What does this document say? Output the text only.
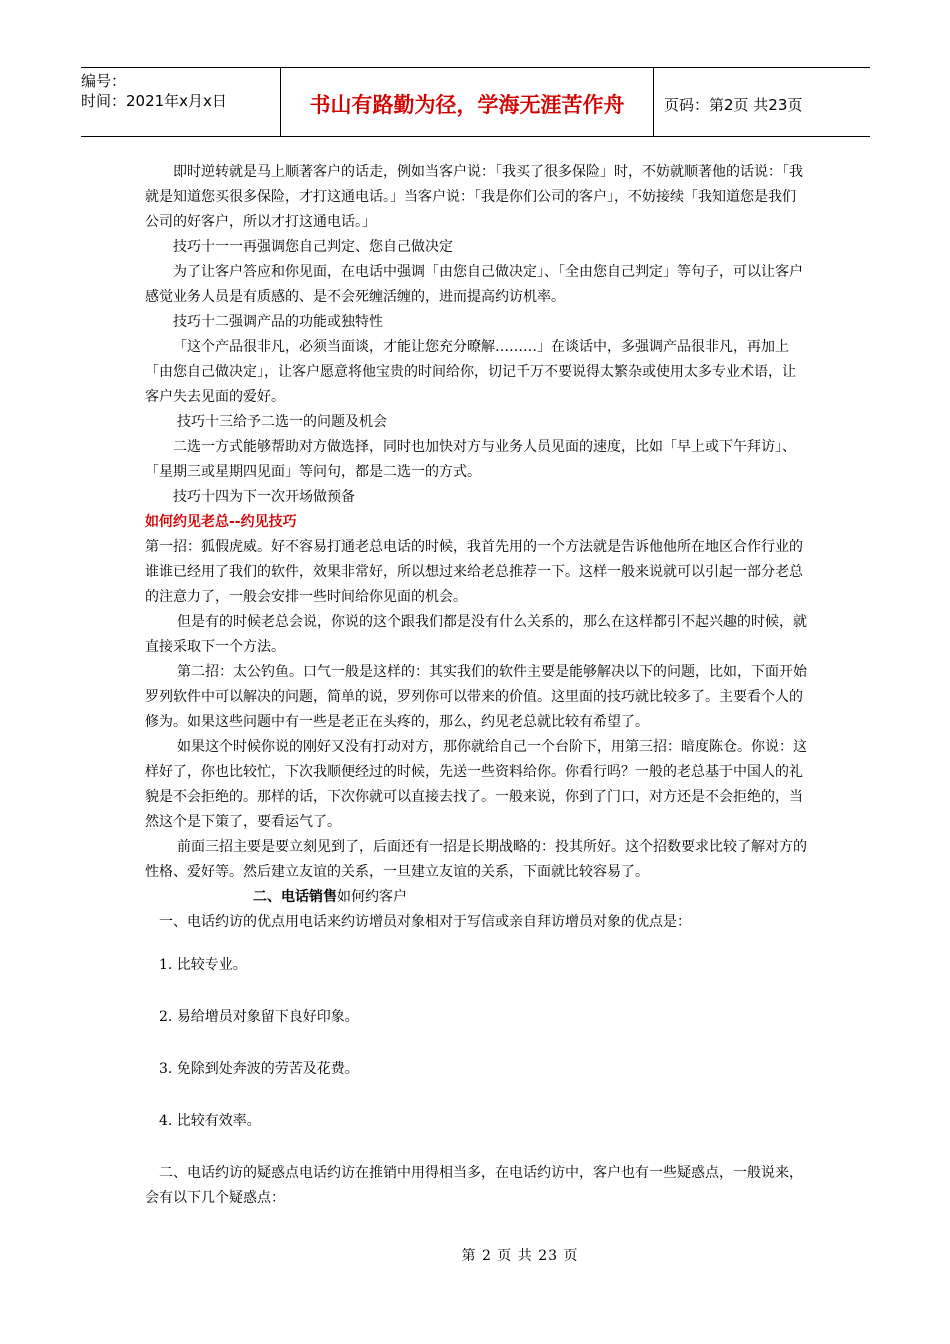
编号：
时间：2021年x月x日	书山有路勤为径，学海无涯苦作舟	页码：第2页 共23页

即时逆转就是马上顺著客户的话走，例如当客户说：「我买了很多保险」时，不妨就顺著他的话说：「我就是知道您买很多保险，才打这通电话。」当客户说：「我是你们公司的客户」，不妨接续「我知道您是我们公司的好客户，所以才打这通电话。」

技巧十一一再强调您自己判定、您自己做决定

为了让客户答应和你见面，在电话中强调「由您自己做决定」、「全由您自己判定」等句子，可以让客户感觉业务人员是有质感的、是不会死缠活缠的，进而提高约访机率。

技巧十二强调产品的功能或独特性

「这个产品很非凡，必须当面谈，才能让您充分暸解………」在谈话中，多强调产品很非凡，再加上「由您自己做决定」，让客户愿意将他宝贵的时间给你，切记千万不要说得太繁杂或使用太多专业术语，让客户失去见面的爱好。

技巧十三给予二选一的问题及机会

二选一方式能够帮助对方做选择，同时也加快对方与业务人员见面的速度，比如「早上或下午拜访」、「星期三或星期四见面」等问句，都是二选一的方式。

技巧十四为下一次开场做预备

如何约见老总--约见技巧

第一招：狐假虎威。好不容易打通老总电话的时候，我首先用的一个方法就是告诉他他所在地区合作行业的谁谁已经用了我们的软件，效果非常好，所以想过来给老总推荐一下。这样一般来说就可以引起一部分老总的注意力了，一般会安排一些时间给你见面的机会。

但是有的时候老总会说，你说的这个跟我们都是没有什么关系的，那么在这样都引不起兴趣的时候，就直接采取下一个方法。

第二招：太公钓鱼。口气一般是这样的：其实我们的软件主要是能够解决以下的问题，比如，下面开始罗列软件中可以解决的问题，简单的说，罗列你可以带来的价值。这里面的技巧就比较多了。主要看个人的修为。如果这些问题中有一些是老正在头疼的，那么，约见老总就比较有希望了。

如果这个时候你说的刚好又没有打动对方，那你就给自己一个台阶下，用第三招：暗度陈仓。你说：这样好了，你也比较忙，下次我顺便经过的时候，先送一些资料给你。你看行吗？一般的老总基于中国人的礼貌是不会拒绝的。那样的话，下次你就可以直接去找了。一般来说，你到了门口，对方还是不会拒绝的，当然这个是下策了，要看运气了。

前面三招主要是要立刻见到了，后面还有一招是长期战略的：投其所好。这个招数要求比较了解对方的性格、爱好等。然后建立友谊的关系，一旦建立友谊的关系，下面就比较容易了。

二、电话销售如何约客户

一、电话约访的优点用电话来约访增员对象相对于写信或亲自拜访增员对象的优点是：

1. 比较专业。

2. 易给增员对象留下良好印象。

3. 免除到处奔波的劳苦及花费。

4. 比较有效率。

二、电话约访的疑惑点电话约访在推销中用得相当多，在电话约访中，客户也有一些疑惑点，一般说来，会有以下几个疑惑点：

第 2 页 共 23 页
